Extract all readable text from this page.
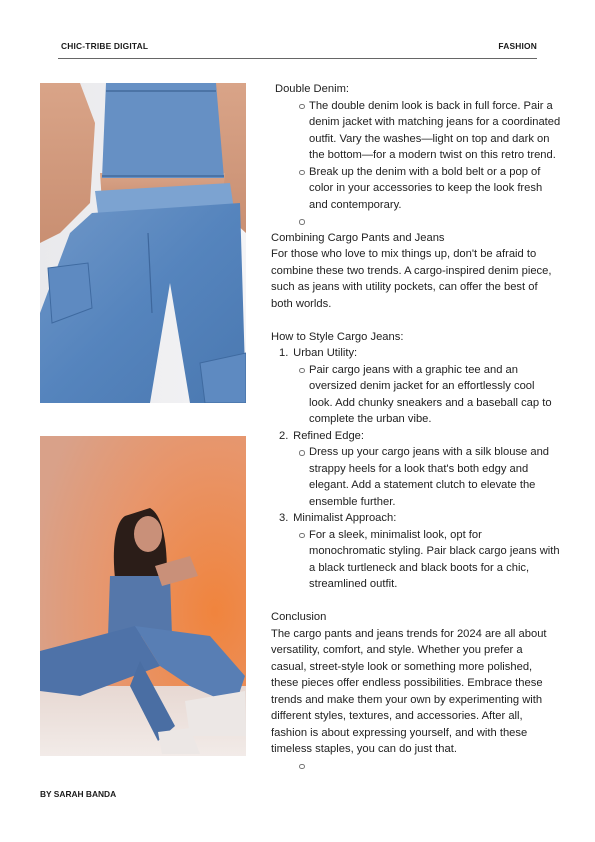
CHIC-TRIBE DIGITAL	FASHION

Double Denim:

The double denim look is back in full force. Pair a denim jacket with matching jeans for a coordinated outfit. Vary the washes—light on top and dark on the bottom—for a modern twist on this retro trend.
Break up the denim with a bold belt or a pop of color in your accessories to keep the look fresh and contemporary.

Combining Cargo Pants and Jeans

For those who love to mix things up, don't be afraid to combine these two trends. A cargo-inspired denim piece, such as jeans with utility pockets, can offer the best of both worlds.

How to Style Cargo Jeans:

1. Urban Utility:
Pair cargo jeans with a graphic tee and an oversized denim jacket for an effortlessly cool look. Add chunky sneakers and a baseball cap to complete the urban vibe.
2. Refined Edge:
Dress up your cargo jeans with a silk blouse and strappy heels for a look that's both edgy and elegant. Add a statement clutch to elevate the ensemble further.
3. Minimalist Approach:
For a sleek, minimalist look, opt for monochromatic styling. Pair black cargo jeans with a black turtleneck and black boots for a chic, streamlined outfit.

Conclusion

The cargo pants and jeans trends for 2024 are all about versatility, comfort, and style. Whether you prefer a casual, street-style look or something more polished, these pieces offer endless possibilities. Embrace these trends and make them your own by experimenting with different styles, textures, and accessories. After all, fashion is about expressing yourself, and with these timeless staples, you can do just that.

BY SARAH BANDA
